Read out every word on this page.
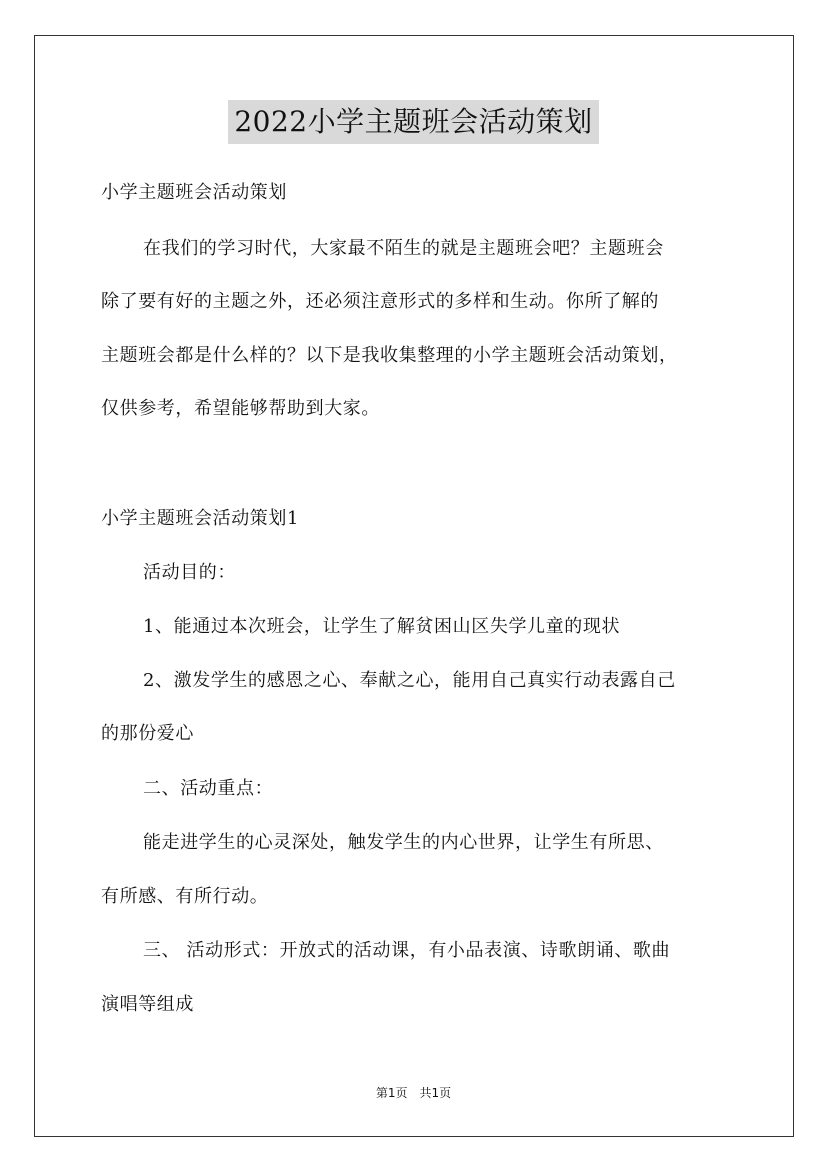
2022小学主题班会活动策划
小学主题班会活动策划
在我们的学习时代，大家最不陌生的就是主题班会吧？主题班会
除了要有好的主题之外，还必须注意形式的多样和生动。你所了解的
主题班会都是什么样的？以下是我收集整理的小学主题班会活动策划，
仅供参考，希望能够帮助到大家。
小学主题班会活动策划1
活动目的：
1、能通过本次班会，让学生了解贫困山区失学儿童的现状
2、激发学生的感恩之心、奉献之心，能用自己真实行动表露自己
的那份爱心
二、活动重点：
能走进学生的心灵深处，触发学生的内心世界，让学生有所思、
有所感、有所行动。
三、 活动形式：开放式的活动课，有小品表演、诗歌朗诵、歌曲
演唱等组成
第1页　共1页
